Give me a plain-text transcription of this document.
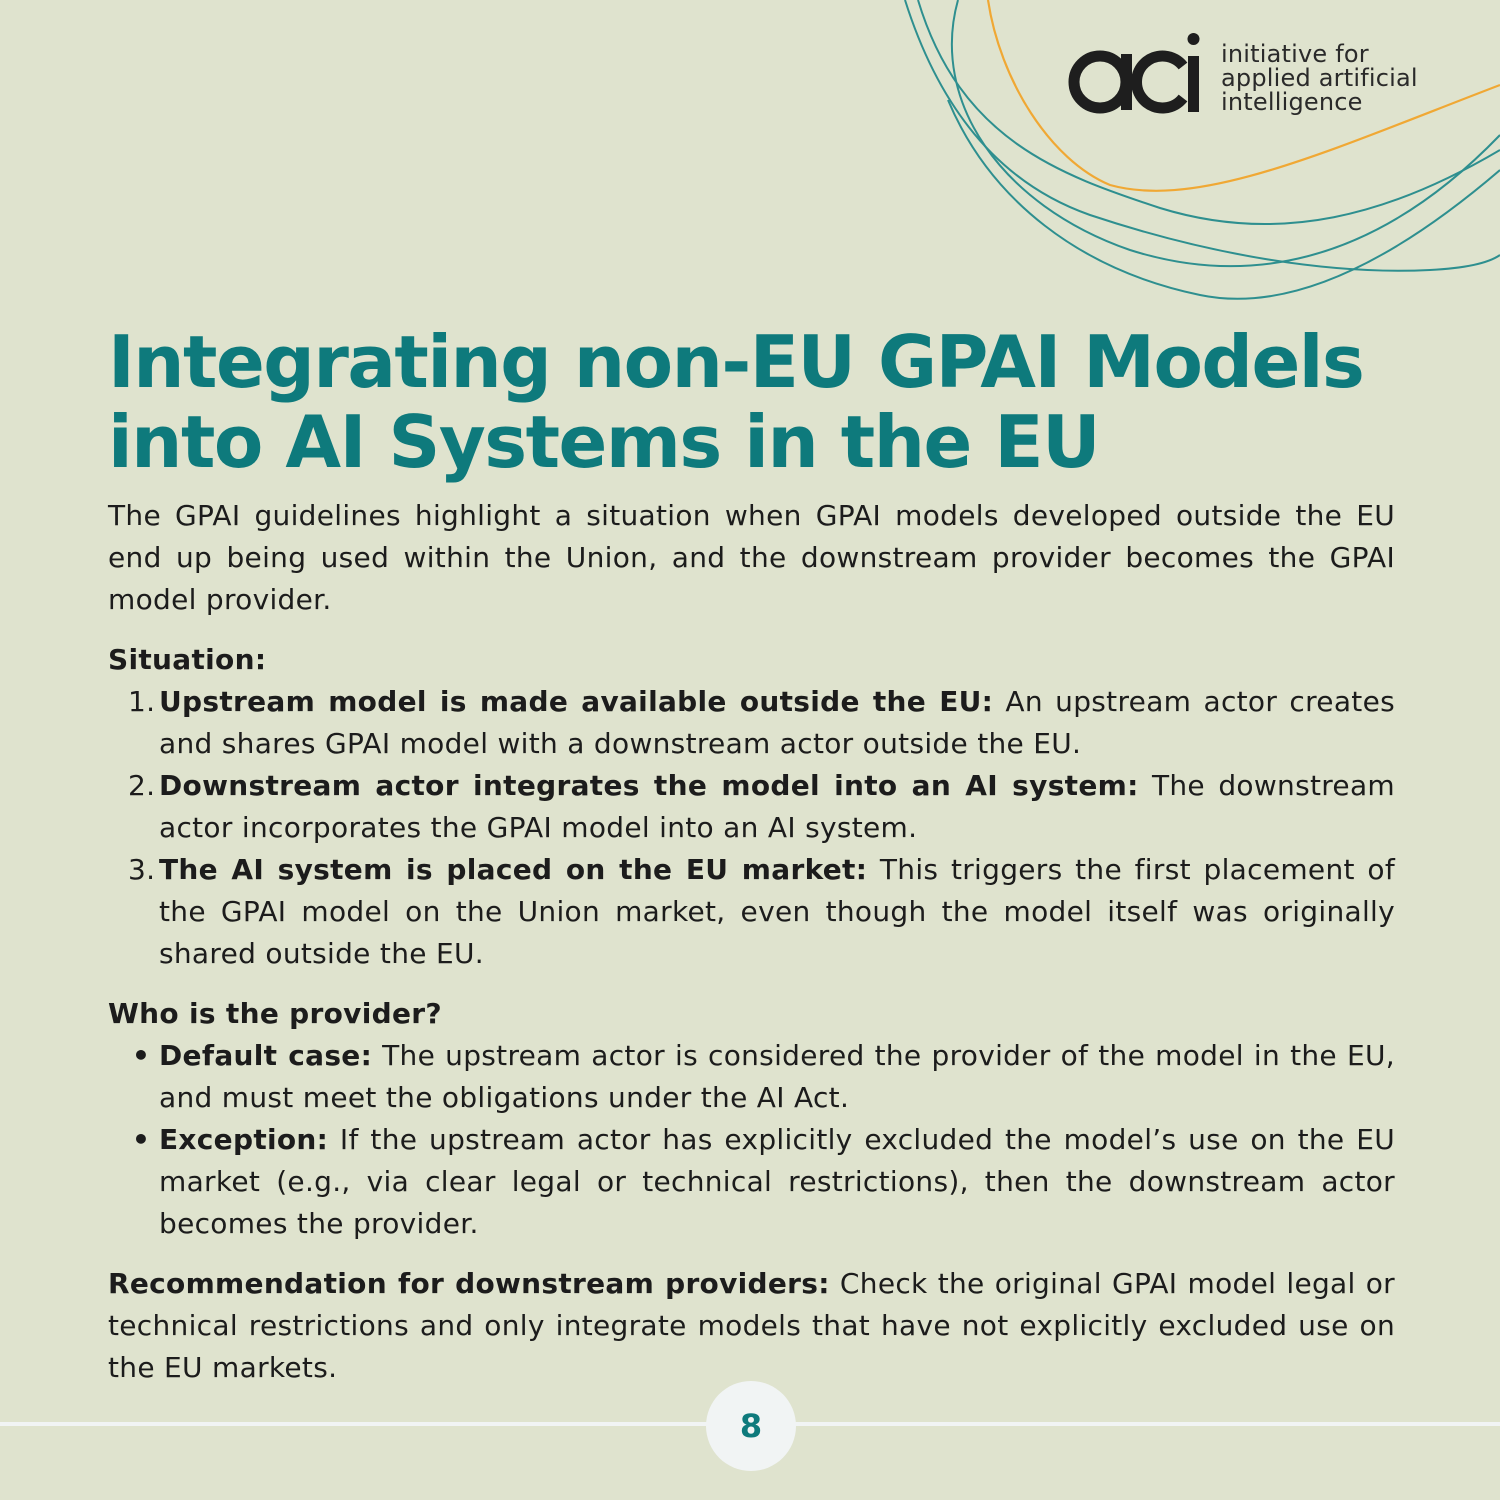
initiative for
applied artificial
intelligence
Integrating non-EU GPAI Models
into AI Systems in the EU

The GPAI guidelines highlight a situation when GPAI models developed outside the EU end up being used within the Union, and the downstream provider becomes the GPAI model provider.

Situation:
1. Upstream model is made available outside the EU: An upstream actor creates and shares GPAI model with a downstream actor outside the EU.
2. Downstream actor integrates the model into an AI system: The downstream actor incorporates the GPAI model into an AI system.
3. The AI system is placed on the EU market: This triggers the first placement of the GPAI model on the Union market, even though the model itself was originally shared outside the EU.
Who is the provider?
• Default case: The upstream actor is considered the provider of the model in the EU, and must meet the obligations under the AI Act.
• Exception: If the upstream actor has explicitly excluded the model’s use on the EU market (e.g., via clear legal or technical restrictions), then the downstream actor becomes the provider.

Recommendation for downstream providers: Check the original GPAI model legal or technical restrictions and only integrate models that have not explicitly excluded use on the EU markets.

8
